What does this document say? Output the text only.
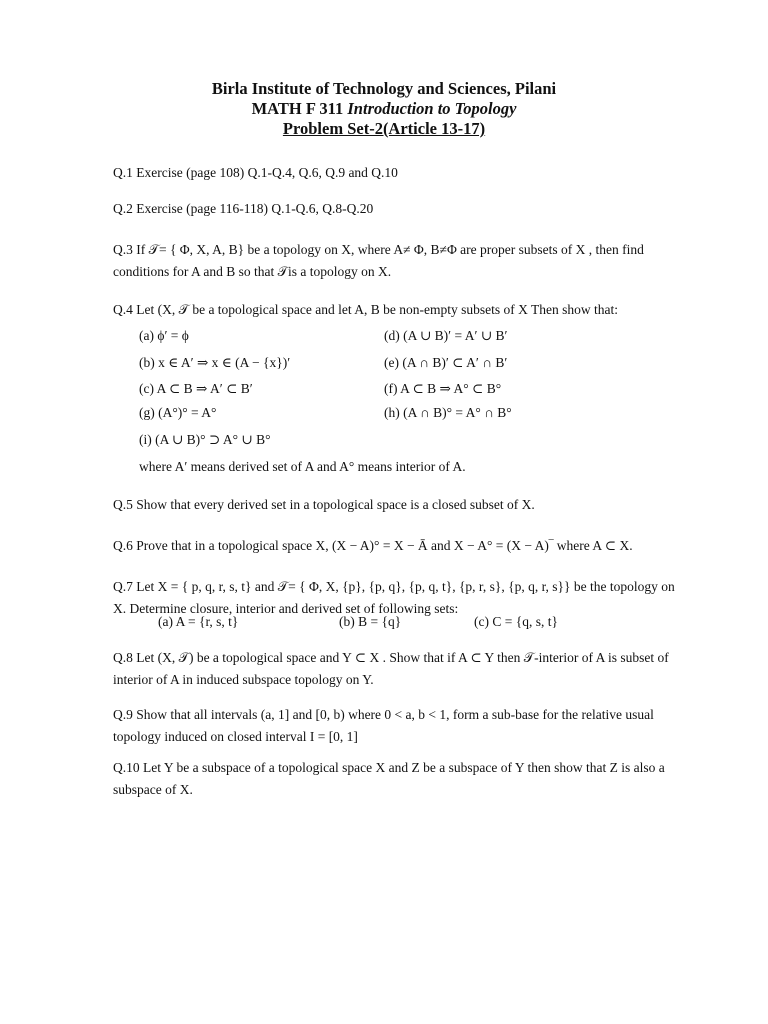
Birla Institute of Technology and Sciences, Pilani
MATH F 311 Introduction to Topology
Problem Set-2(Article 13-17)
Q.1 Exercise (page 108) Q.1-Q.4, Q.6, Q.9 and Q.10
Q.2 Exercise (page 116-118) Q.1-Q.6, Q.8-Q.20
Q.3 If 𝒯= { Φ, X, A, B} be a topology on X, where A≠ Φ, B≠Φ are proper subsets of X , then find
conditions for A and B so that 𝒯is a topology on X.
Q.4 Let (X, 𝒯 be a topological space and let A, B be non-empty subsets of X Then show that:
(a) ϕ′ = ϕ	(d) (A ∪ B)′ = A′ ∪ B′
(b) x ∈ A′ ⇒ x ∈ (A − {x})′	(e) (A ∩ B)′ ⊂ A′ ∩ B′
(c) A ⊂ B ⇒ A′ ⊂ B′	(f) A ⊂ B ⇒ A° ⊂ B°
(g) (A°)° = A°	(h) (A ∩ B)° = A° ∩ B°
(i) (A ∪ B)° ⊃ A° ∪ B°
where A′ means derived set of A and A° means interior of A.
Q.5 Show that every derived set in a topological space is a closed subset of X.
Q.6 Prove that in a topological space X, (X − A)° = X − Ā and X − A° = (X − A)‾ where A ⊂ X.
Q.7 Let X = { p, q, r, s, t} and 𝒯= { Φ, X, {p}, {p, q}, {p, q, t}, {p, r, s}, {p, q, r, s}} be the topology on
X. Determine closure, interior and derived set of following sets:
(a) A = {r, s, t}	(b) B = {q}	(c) C = {q, s, t}
Q.8 Let (X, 𝒯) be a topological space and Y ⊂ X . Show that if A ⊂ Y then 𝒯-interior of A is subset of
interior of A in induced subspace topology on Y.
Q.9 Show that all intervals (a, 1] and [0, b) where 0 < a, b < 1, form a sub-base for the relative usual
topology induced on closed interval I = [0, 1]
Q.10 Let Y be a subspace of a topological space X and Z be a subspace of Y then show that Z is also a
subspace of X.
